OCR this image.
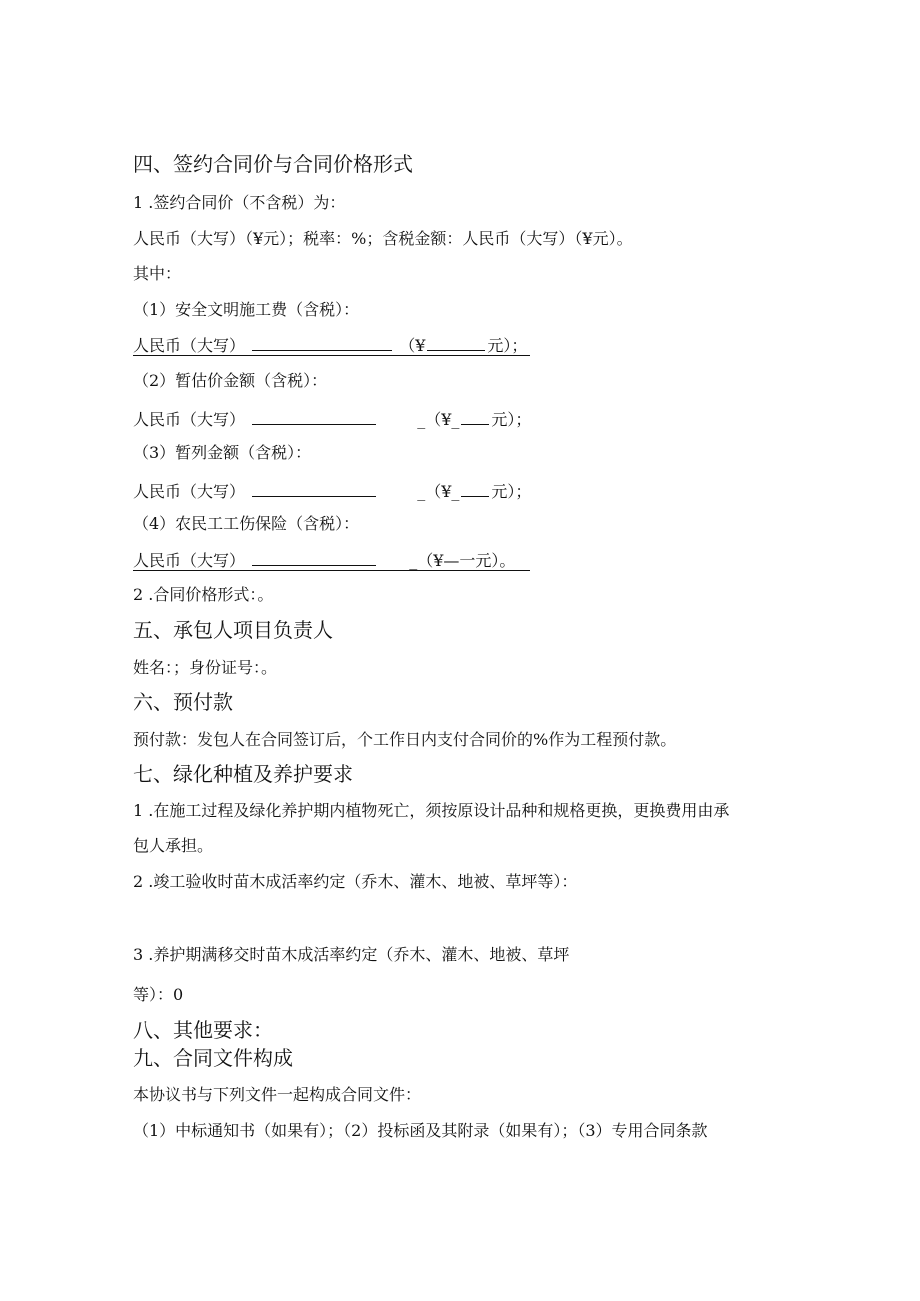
四、签约合同价与合同价格形式
1 .签约合同价（不含税）为：
人民币（大写）（¥元）；税率：%；含税金额：人民币（大写）（¥元）。
其中：
（1）安全文明施工费（含税）：
人民币（大写）	（¥	元）；
（2）暂估价金额（含税）：
人民币（大写）	_（¥_ 元）；
（3）暂列金额（含税）：
人民币（大写）	_（¥_ 元）；
（4）农民工工伤保险（含税）：
人民币（大写）	_（¥—一元）。
2 .合同价格形式：。
五、承包人项目负责人
姓名：；身份证号：。
六、预付款
预付款：发包人在合同签订后，个工作日内支付合同价的%作为工程预付款。
七、绿化种植及养护要求
1 .在施工过程及绿化养护期内植物死亡，须按原设计品种和规格更换，更换费用由承
包人承担。
2 .竣工验收时苗木成活率约定（乔木、灌木、地被、草坪等）：
3 .养护期满移交时苗木成活率约定（乔木、灌木、地被、草坪
等）：0
八、其他要求：
九、合同文件构成
本协议书与下列文件一起构成合同文件：
（1）中标通知书（如果有）；（2）投标函及其附录（如果有）；（3）专用合同条款
